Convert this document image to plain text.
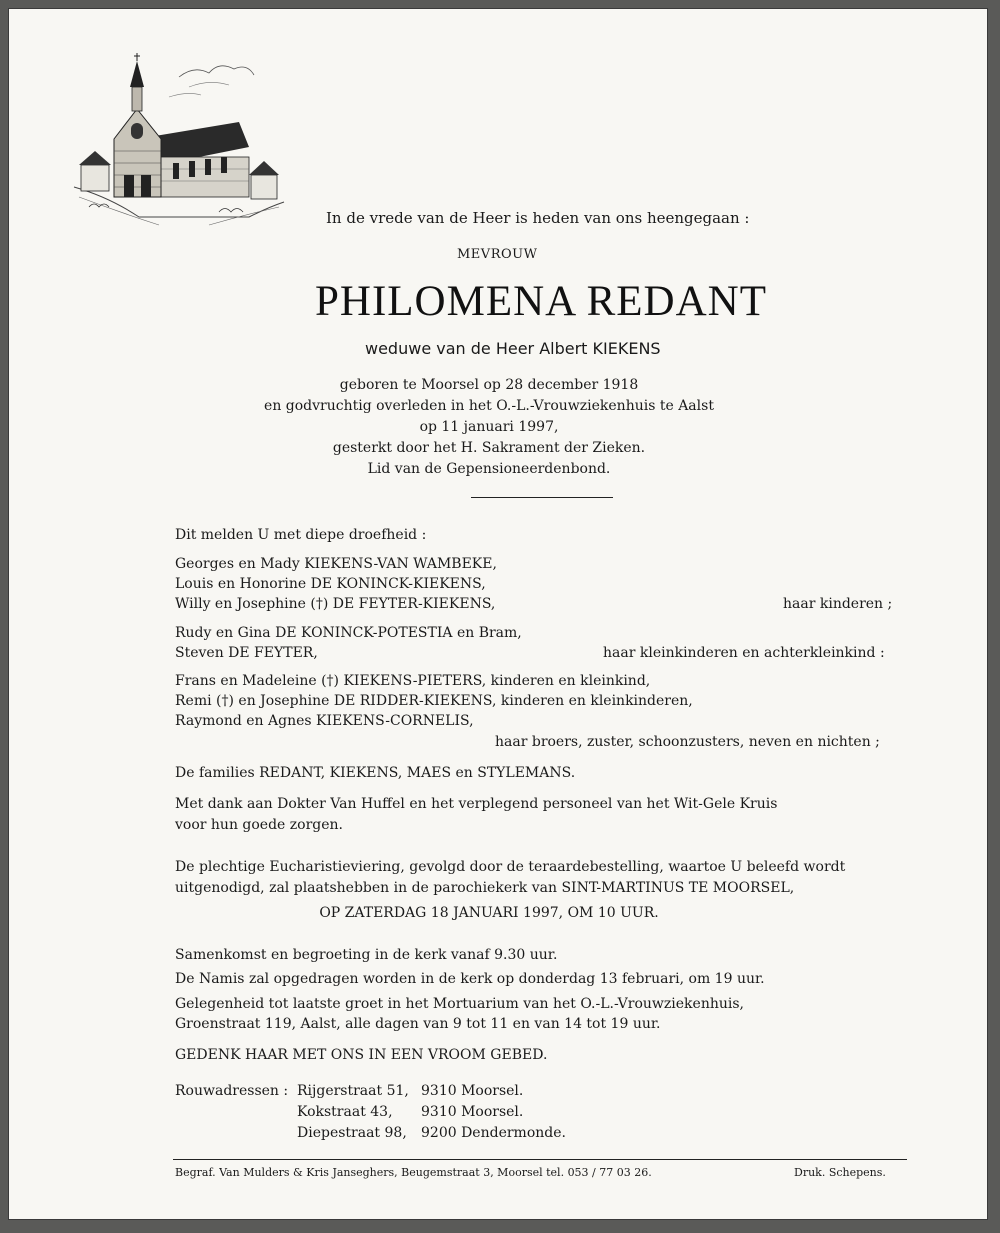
In de vrede van de Heer is heden van ons heengegaan :
MEVROUW
PHILOMENA REDANT
weduwe van de Heer Albert KIEKENS
geboren te Moorsel op 28 december 1918
en godvruchtig overleden in het O.-L.-Vrouwziekenhuis te Aalst
op 11 januari 1997,
gesterkt door het H. Sakrament der Zieken.
Lid van de Gepensioneerdenbond.
Dit melden U met diepe droefheid :
Georges en Mady KIEKENS-VAN WAMBEKE,
Louis en Honorine DE KONINCK-KIEKENS,
Willy en Josephine (†) DE FEYTER-KIEKENS,	haar kinderen ;
Rudy en Gina DE KONINCK-POTESTIA en Bram,
Steven DE FEYTER,	haar kleinkinderen en achterkleinkind :
Frans en Madeleine (†) KIEKENS-PIETERS, kinderen en kleinkind,
Remi (†) en Josephine DE RIDDER-KIEKENS, kinderen en kleinkinderen,
Raymond en Agnes KIEKENS-CORNELIS,
haar broers, zuster, schoonzusters, neven en nichten ;
De families REDANT, KIEKENS, MAES en STYLEMANS.
Met dank aan Dokter Van Huffel en het verplegend personeel van het Wit-Gele Kruis
voor hun goede zorgen.
De plechtige Eucharistieviering, gevolgd door de teraardebestelling, waartoe U beleefd wordt
uitgenodigd, zal plaatshebben in de parochiekerk van SINT-MARTINUS TE MOORSEL,
OP ZATERDAG 18 JANUARI 1997, OM 10 UUR.
Samenkomst en begroeting in de kerk vanaf 9.30 uur.
De Namis zal opgedragen worden in de kerk op donderdag 13 februari, om 19 uur.
Gelegenheid tot laatste groet in het Mortuarium van het O.-L.-Vrouwziekenhuis,
Groenstraat 119, Aalst, alle dagen van 9 tot 11 en van 14 tot 19 uur.
GEDENK HAAR MET ONS IN EEN VROOM GEBED.
Rouwadressen : Rijgerstraat 51, 9310 Moorsel.
Kokstraat 43, 9310 Moorsel.
Diepestraat 98, 9200 Dendermonde.
Begraf. Van Mulders & Kris Janseghers, Beugemstraat 3, Moorsel tel. 053 / 77 03 26.	Druk. Schepens.
